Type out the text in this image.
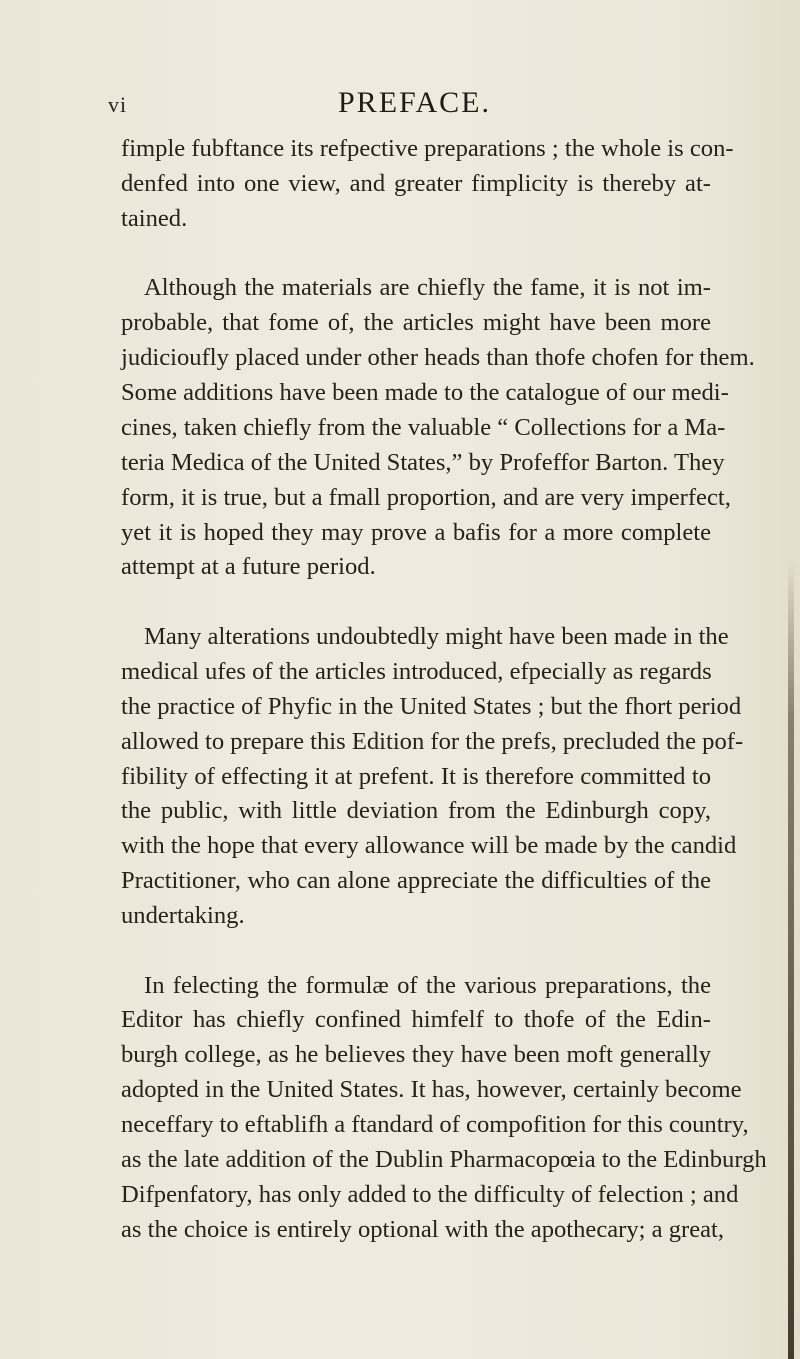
vi	PREFACE.

fimple fubftance its refpective preparations ; the whole is con-
denfed into one view, and greater fimplicity is thereby at-
tained.

Although the materials are chiefly the fame, it is not im-
probable, that fome of, the articles might have been more
judicioufly placed under other heads than thofe chofen for them.
Some additions have been made to the catalogue of our medi-
cines, taken chiefly from the valuable “ Collections for a Ma-
teria Medica of the United States,” by Profeffor Barton. They
form, it is true, but a fmall proportion, and are very imperfect,
yet it is hoped they may prove a bafis for a more complete
attempt at a future period.

Many alterations undoubtedly might have been made in the
medical ufes of the articles introduced, efpecially as regards
the practice of Phyfic in the United States ; but the fhort period
allowed to prepare this Edition for the prefs, precluded the pof-
fibility of effecting it at prefent. It is therefore committed to
the public, with little deviation from the Edinburgh copy,
with the hope that every allowance will be made by the candid
Practitioner, who can alone appreciate the difficulties of the
undertaking.

In felecting the formulæ of the various preparations, the
Editor has chiefly confined himfelf to thofe of the Edin-
burgh college, as he believes they have been moft generally
adopted in the United States. It has, however, certainly become
neceffary to eftablifh a ftandard of compofition for this country,
as the late addition of the Dublin Pharmacopœia to the Edinburgh
Difpenfatory, has only added to the difficulty of felection ; and
as the choice is entirely optional with the apothecary; a great,
